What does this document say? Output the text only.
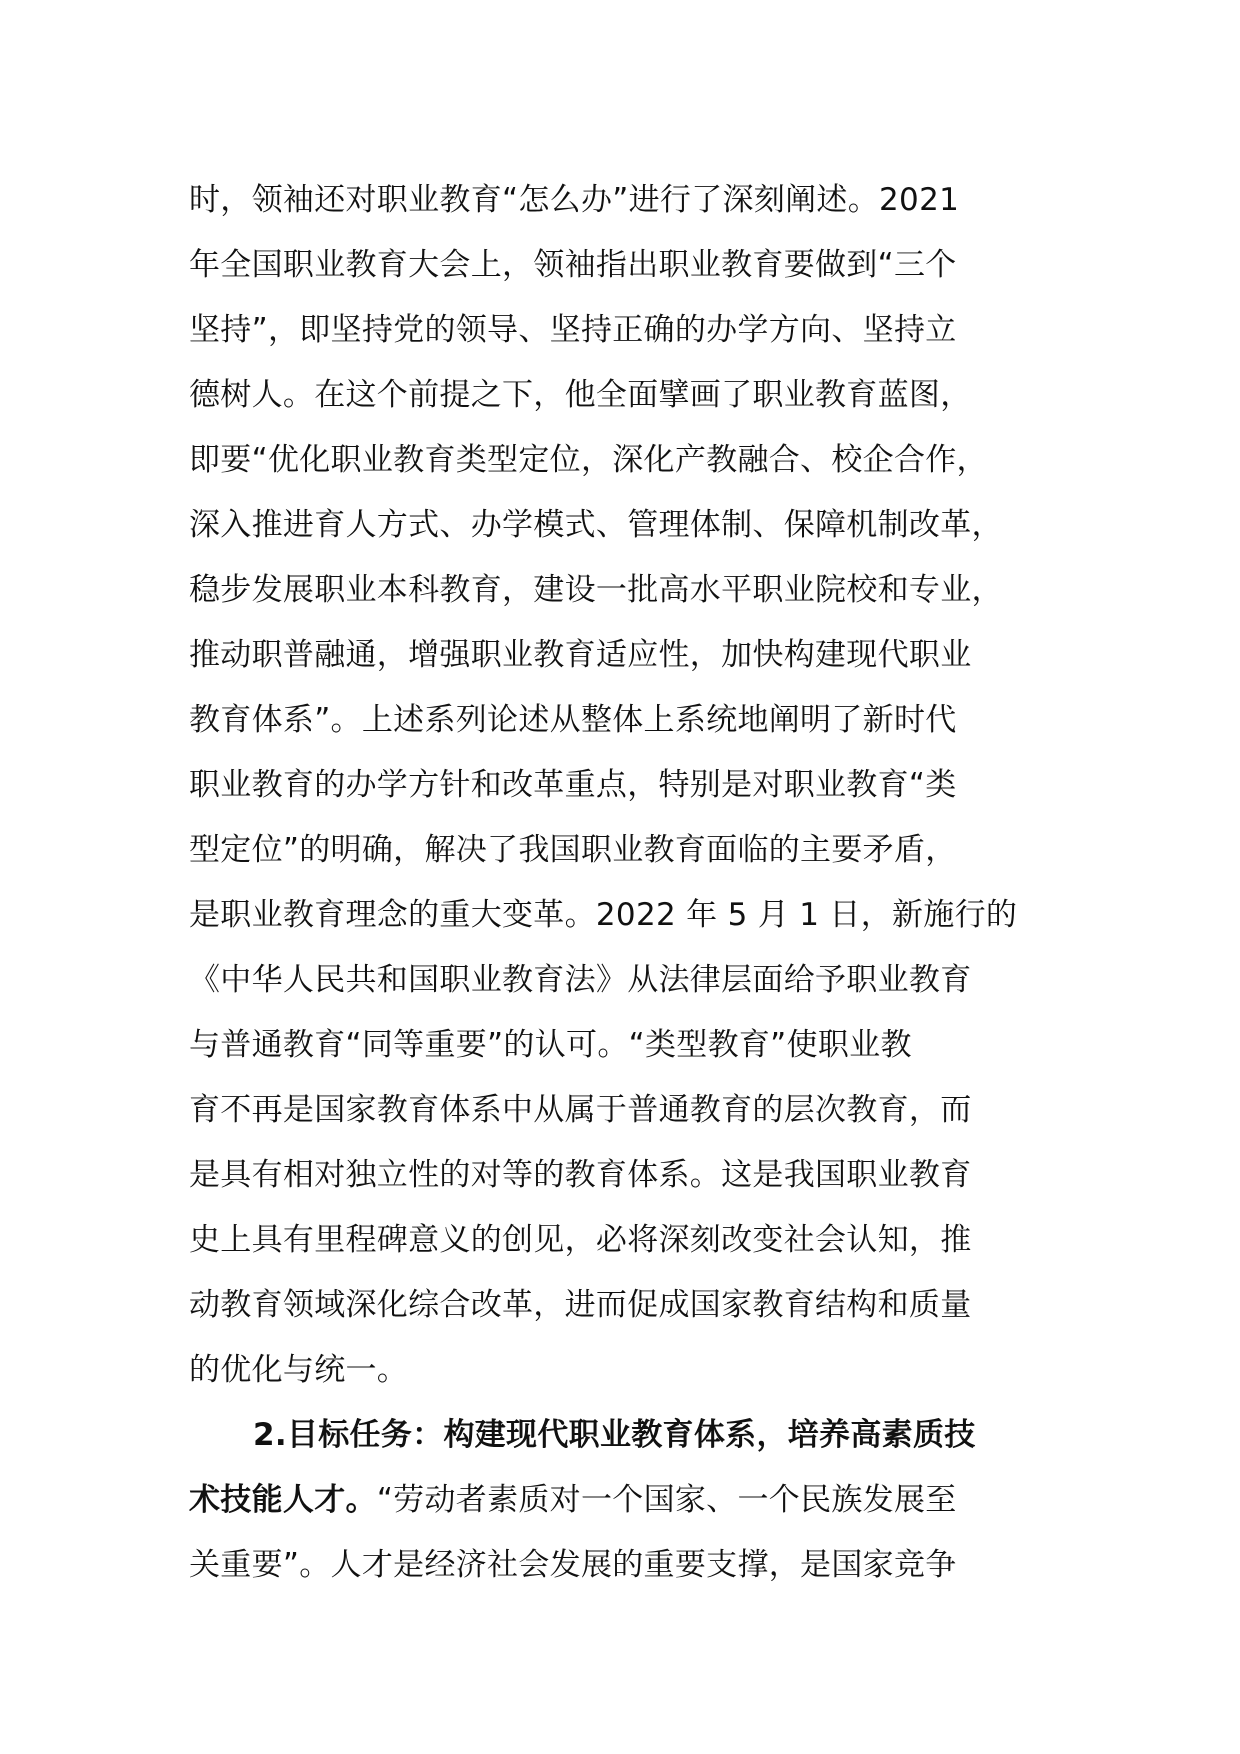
时，领袖还对职业教育“怎么办”进行了深刻阐述。2021
年全国职业教育大会上，领袖指出职业教育要做到“三个
坚持”，即坚持党的领导、坚持正确的办学方向、坚持立
德树人。在这个前提之下，他全面擘画了职业教育蓝图，
即要“优化职业教育类型定位，深化产教融合、校企合作，
深入推进育人方式、办学模式、管理体制、保障机制改革，
稳步发展职业本科教育，建设一批高水平职业院校和专业，
推动职普融通，增强职业教育适应性，加快构建现代职业
教育体系”。上述系列论述从整体上系统地阐明了新时代
职业教育的办学方针和改革重点，特别是对职业教育“类
型定位”的明确，解决了我国职业教育面临的主要矛盾，
是职业教育理念的重大变革。2022 年 5 月 1 日，新施行的
《中华人民共和国职业教育法》从法律层面给予职业教育
与普通教育“同等重要”的认可。“类型教育”使职业教
育不再是国家教育体系中从属于普通教育的层次教育，而
是具有相对独立性的对等的教育体系。这是我国职业教育
史上具有里程碑意义的创见，必将深刻改变社会认知，推
动教育领域深化综合改革，进而促成国家教育结构和质量
的优化与统一。
2.目标任务：构建现代职业教育体系，培养高素质技
术技能人才。“劳动者素质对一个国家、一个民族发展至
关重要”。人才是经济社会发展的重要支撑，是国家竞争
